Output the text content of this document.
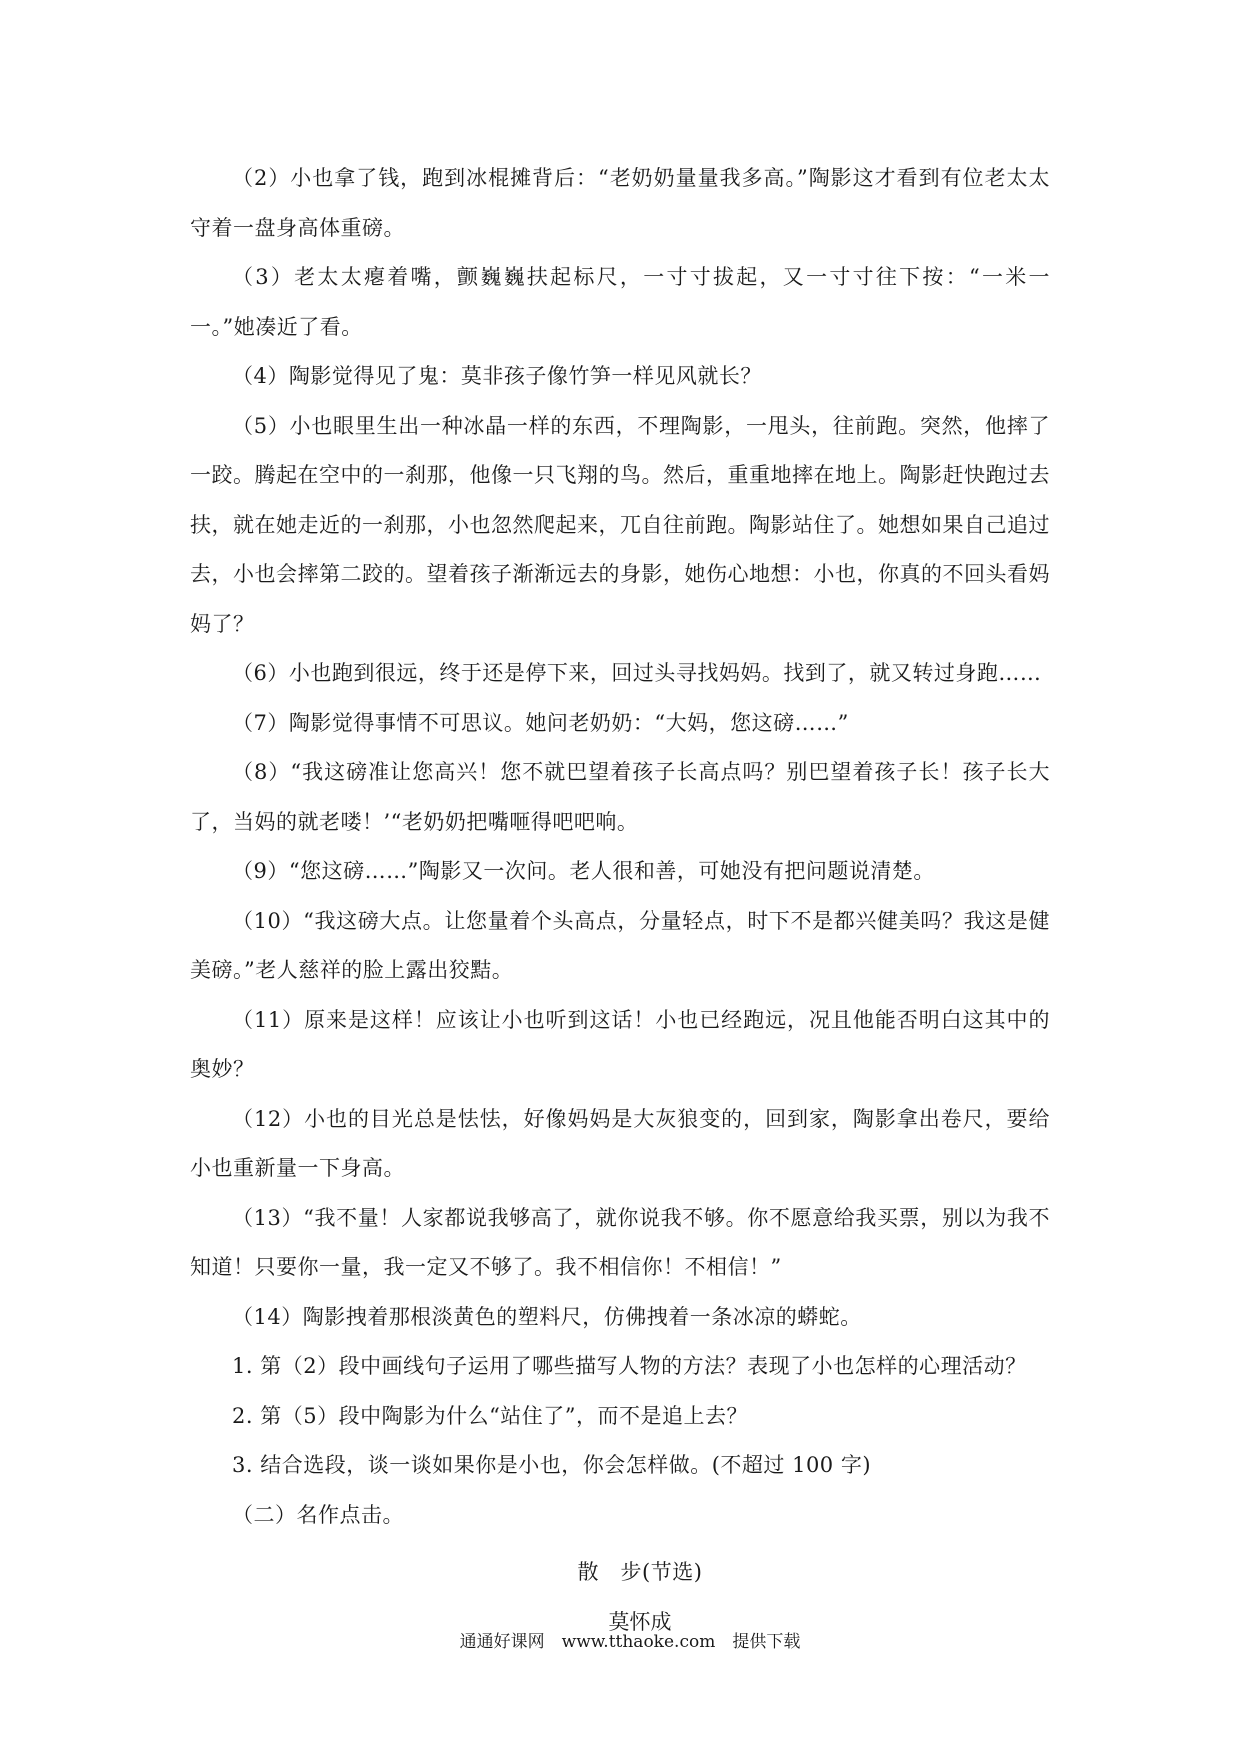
（2）小也拿了钱，跑到冰棍摊背后：“老奶奶量量我多高。”陶影这才看到有位老太太守着一盘身高体重磅。

（3）老太太瘪着嘴，颤巍巍扶起标尺，一寸寸拔起，又一寸寸往下按：“一米一一。”她凑近了看。

（4）陶影觉得见了鬼：莫非孩子像竹笋一样见风就长？

（5）小也眼里生出一种冰晶一样的东西，不理陶影，一甩头，往前跑。突然，他摔了一跤。腾起在空中的一刹那，他像一只飞翔的鸟。然后，重重地摔在地上。陶影赶快跑过去扶，就在她走近的一刹那，小也忽然爬起来，兀自往前跑。陶影站住了。她想如果自己追过去，小也会摔第二跤的。望着孩子渐渐远去的身影，她伤心地想：小也，你真的不回头看妈妈了？

（6）小也跑到很远，终于还是停下来，回过头寻找妈妈。找到了，就又转过身跑……

（7）陶影觉得事情不可思议。她问老奶奶：“大妈，您这磅……”

（8）“我这磅准让您高兴！您不就巴望着孩子长高点吗？别巴望着孩子长！孩子长大了，当妈的就老喽！’“老奶奶把嘴咂得吧吧响。

（9）“您这磅……”陶影又一次问。老人很和善，可她没有把问题说清楚。

（10）“我这磅大点。让您量着个头高点，分量轻点，时下不是都兴健美吗？我这是健美磅。”老人慈祥的脸上露出狡黠。

（11）原来是这样！应该让小也听到这话！小也已经跑远，况且他能否明白这其中的奥妙？

（12）小也的目光总是怯怯，好像妈妈是大灰狼变的，回到家，陶影拿出卷尺，要给小也重新量一下身高。

（13）“我不量！人家都说我够高了，就你说我不够。你不愿意给我买票，别以为我不知道！只要你一量，我一定又不够了。我不相信你！不相信！”

（14）陶影拽着那根淡黄色的塑料尺，仿佛拽着一条冰凉的蟒蛇。

1. 第（2）段中画线句子运用了哪些描写人物的方法？表现了小也怎样的心理活动？

2. 第（5）段中陶影为什么“站住了”，而不是追上去？

3. 结合选段，谈一谈如果你是小也，你会怎样做。(不超过 100 字)

（二）名作点击。

散　步(节选)

莫怀成

通通好课网　www.tthaoke.com　提供下载
